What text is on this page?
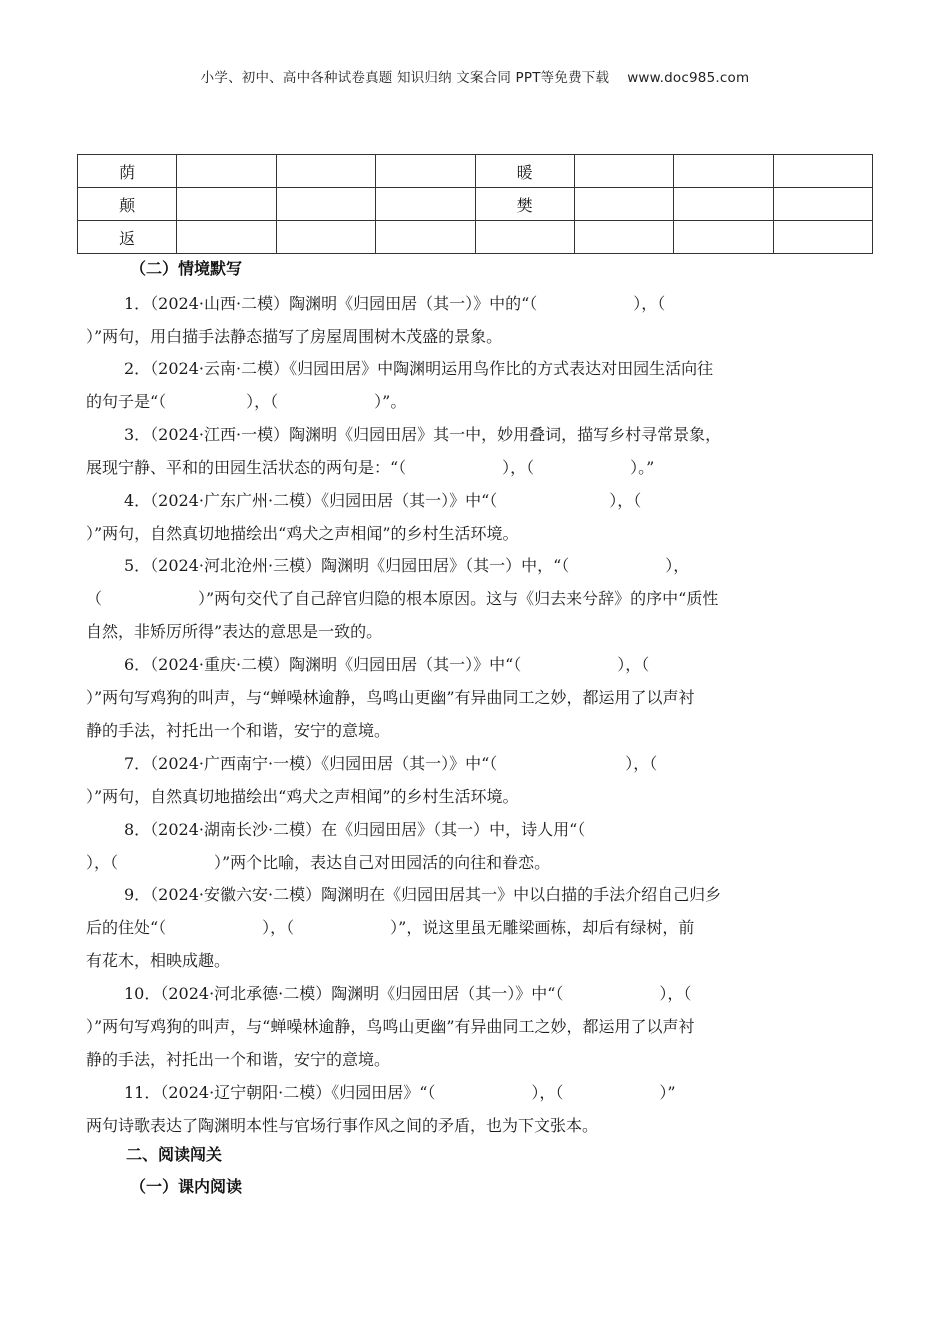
小学、初中、高中各种试卷真题 知识归纳 文案合同 PPT等免费下载 www.doc985.com
荫				暖			
颠				樊			
返							
（二）情境默写
1．（2024·山西·二模）陶渊明《归园田居（其一）》中的“（　　　　　　），（
）”两句，用白描手法静态描写了房屋周围树木茂盛的景象。
2．（2024·云南·二模）《归园田居》中陶渊明运用鸟作比的方式表达对田园生活向往
的句子是“（　　　　　），（　　　　　　）”。
3．（2024·江西·一模）陶渊明《归园田居》其一中，妙用叠词，描写乡村寻常景象，
展现宁静、平和的田园生活状态的两句是：“（　　　　　　），（　　　　　　）。”
4．（2024·广东广州·二模）《归园田居（其一）》中“（　　　　　　　），（
）”两句，自然真切地描绘出“鸡犬之声相闻”的乡村生活环境。
5．（2024·河北沧州·三模）陶渊明《归园田居》（其一）中，“（　　　　　　），
（　　　　　　）”两句交代了自己辞官归隐的根本原因。这与《归去来兮辞》的序中“质性
自然，非矫厉所得”表达的意思是一致的。
6．（2024·重庆·二模）陶渊明《归园田居（其一）》中“（　　　　　　），（
）”两句写鸡狗的叫声，与“蝉噪林逾静，鸟鸣山更幽”有异曲同工之妙，都运用了以声衬
静的手法，衬托出一个和谐，安宁的意境。
7．（2024·广西南宁·一模）《归园田居（其一）》中“（　　　　　　　　），（
）”两句，自然真切地描绘出“鸡犬之声相闻”的乡村生活环境。
8．（2024·湖南长沙·二模）在《归园田居》（其一）中，诗人用“（
），（　　　　　　）”两个比喻，表达自己对田园活的向往和眷恋。
9．（2024·安徽六安·二模）陶渊明在《归园田居其一》中以白描的手法介绍自己归乡
后的住处“（　　　　　　），（　　　　　　）”，说这里虽无雕梁画栋，却后有绿树，前
有花木，相映成趣。
10．（2024·河北承德·二模）陶渊明《归园田居（其一）》中“（　　　　　　），（
）”两句写鸡狗的叫声，与“蝉噪林逾静，鸟鸣山更幽”有异曲同工之妙，都运用了以声衬
静的手法，衬托出一个和谐，安宁的意境。
11．（2024·辽宁朝阳·二模）《归园田居》“（　　　　　　），（　　　　　　）”
两句诗歌表达了陶渊明本性与官场行事作风之间的矛盾，也为下文张本。
二、阅读闯关
（一）课内阅读
